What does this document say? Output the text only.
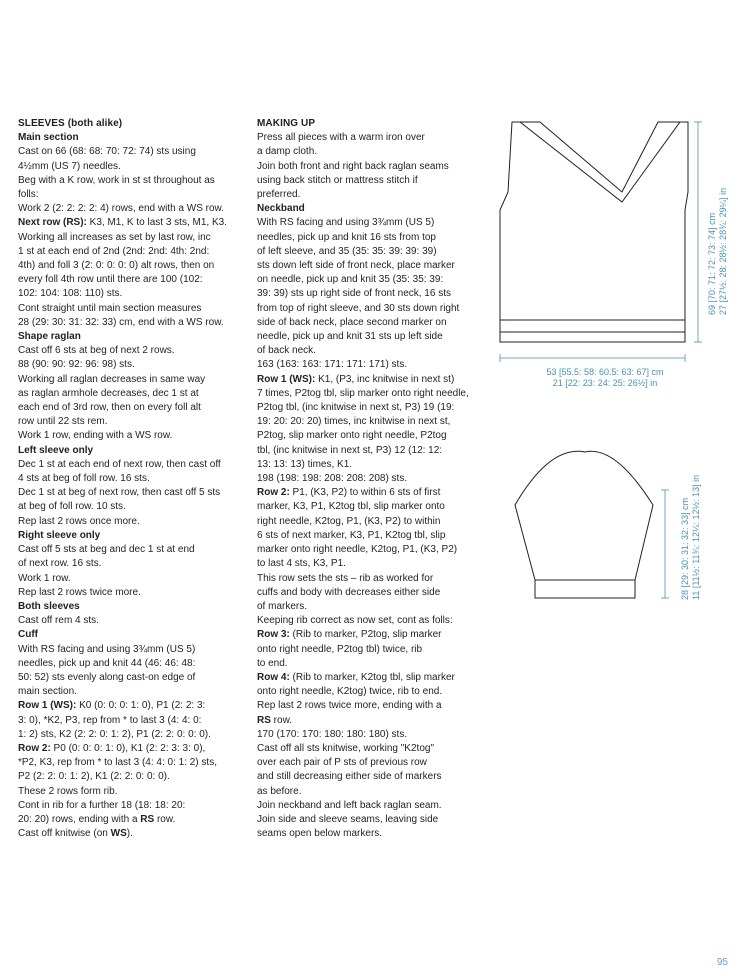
SLEEVES (both alike)

Main section

Cast on 66 (68: 68: 70: 72: 74) sts using

4½mm (US 7) needles.

Beg with a K row, work in st st throughout as

folls:

Work 2 (2: 2: 2: 2: 4) rows, end with a WS row.

Next row (RS): K3, M1, K to last 3 sts, M1, K3.

Working all increases as set by last row, inc

1 st at each end of 2nd (2nd: 2nd: 4th: 2nd:

4th) and foll 3 (2: 0: 0: 0: 0) alt rows, then on

every foll 4th row until there are 100 (102:

102: 104: 108: 110) sts.

Cont straight until main section measures

28 (29: 30: 31: 32: 33) cm, end with a WS row.

Shape raglan

Cast off 6 sts at beg of next 2 rows.

88 (90: 90: 92: 96: 98) sts.

Working all raglan decreases in same way

as raglan armhole decreases, dec 1 st at

each end of 3rd row, then on every foll alt

row until 22 sts rem.

Work 1 row, ending with a WS row.

Left sleeve only

Dec 1 st at each end of next row, then cast off

4 sts at beg of foll row. 16 sts.

Dec 1 st at beg of next row, then cast off 5 sts

at beg of foll row. 10 sts.

Rep last 2 rows once more.

Right sleeve only

Cast off 5 sts at beg and dec 1 st at end

of next row. 16 sts.

Work 1 row.

Rep last 2 rows twice more.

Both sleeves

Cast off rem 4 sts.

Cuff

With RS facing and using 3¾mm (US 5)

needles, pick up and knit 44 (46: 46: 48:

50: 52) sts evenly along cast-on edge of

main section.

Row 1 (WS): K0 (0: 0: 0: 1: 0), P1 (2: 2: 3:

3: 0), *K2, P3, rep from * to last 3 (4: 4: 0:

1: 2) sts, K2 (2: 2: 0: 1: 2), P1 (2: 2: 0: 0: 0).

Row 2: P0 (0: 0: 0: 1: 0), K1 (2: 2: 3: 3: 0),

*P2, K3, rep from * to last 3 (4: 4: 0: 1: 2) sts,

P2 (2: 2: 0: 1: 2), K1 (2: 2: 0: 0: 0).

These 2 rows form rib.

Cont in rib for a further 18 (18: 18: 20:

20: 20) rows, ending with a RS row.

Cast off knitwise (on WS).

MAKING UP

Press all pieces with a warm iron over

a damp cloth.

Join both front and right back raglan seams

using back stitch or mattress stitch if

preferred.

Neckband

With RS facing and using 3¾mm (US 5)

needles, pick up and knit 16 sts from top

of left sleeve, and 35 (35: 35: 39: 39: 39)

sts down left side of front neck, place marker

on needle, pick up and knit 35 (35: 35: 39:

39: 39) sts up right side of front neck, 16 sts

from top of right sleeve, and 30 sts down right

side of back neck, place second marker on

needle, pick up and knit 31 sts up left side

of back neck.

163 (163: 163: 171: 171: 171) sts.

Row 1 (WS): K1, (P3, inc knitwise in next st)

7 times, P2tog tbl, slip marker onto right needle,

P2tog tbl, (inc knitwise in next st, P3) 19 (19:

19: 20: 20: 20) times, inc knitwise in next st,

P2tog, slip marker onto right needle, P2tog

tbl, (inc knitwise in next st, P3) 12 (12: 12:

13: 13: 13) times, K1.

198 (198: 198: 208: 208: 208) sts.

Row 2: P1, (K3, P2) to within 6 sts of first

marker, K3, P1, K2tog tbl, slip marker onto

right needle, K2tog, P1, (K3, P2) to within

6 sts of next marker, K3, P1, K2tog tbl, slip

marker onto right needle, K2tog, P1, (K3, P2)

to last 4 sts, K3, P1.

This row sets the sts – rib as worked for

cuffs and body with decreases either side

of markers.

Keeping rib correct as now set, cont as folls:

Row 3: (Rib to marker, P2tog, slip marker

onto right needle, P2tog tbl) twice, rib

to end.

Row 4: (Rib to marker, K2tog tbl, slip marker

onto right needle, K2tog) twice, rib to end.

Rep last 2 rows twice more, ending with a

RS row.

170 (170: 170: 180: 180: 180) sts.

Cast off all sts knitwise, working "K2tog"

over each pair of P sts of previous row

and still decreasing either side of markers

as before.

Join neckband and left back raglan seam.

Join side and sleeve seams, leaving side

seams open below markers.

53 [55.5: 58: 60.5: 63: 67] cm
21 [22: 23: 24: 25: 26½] in
69 [70: 71: 72: 73: 74] cm 27 [27½: 28: 28½: 28¾: 29¼] in
28 [29: 30: 31: 32: 33] cm 11 [11½: 11¾: 12¼: 12½: 13] in
95
